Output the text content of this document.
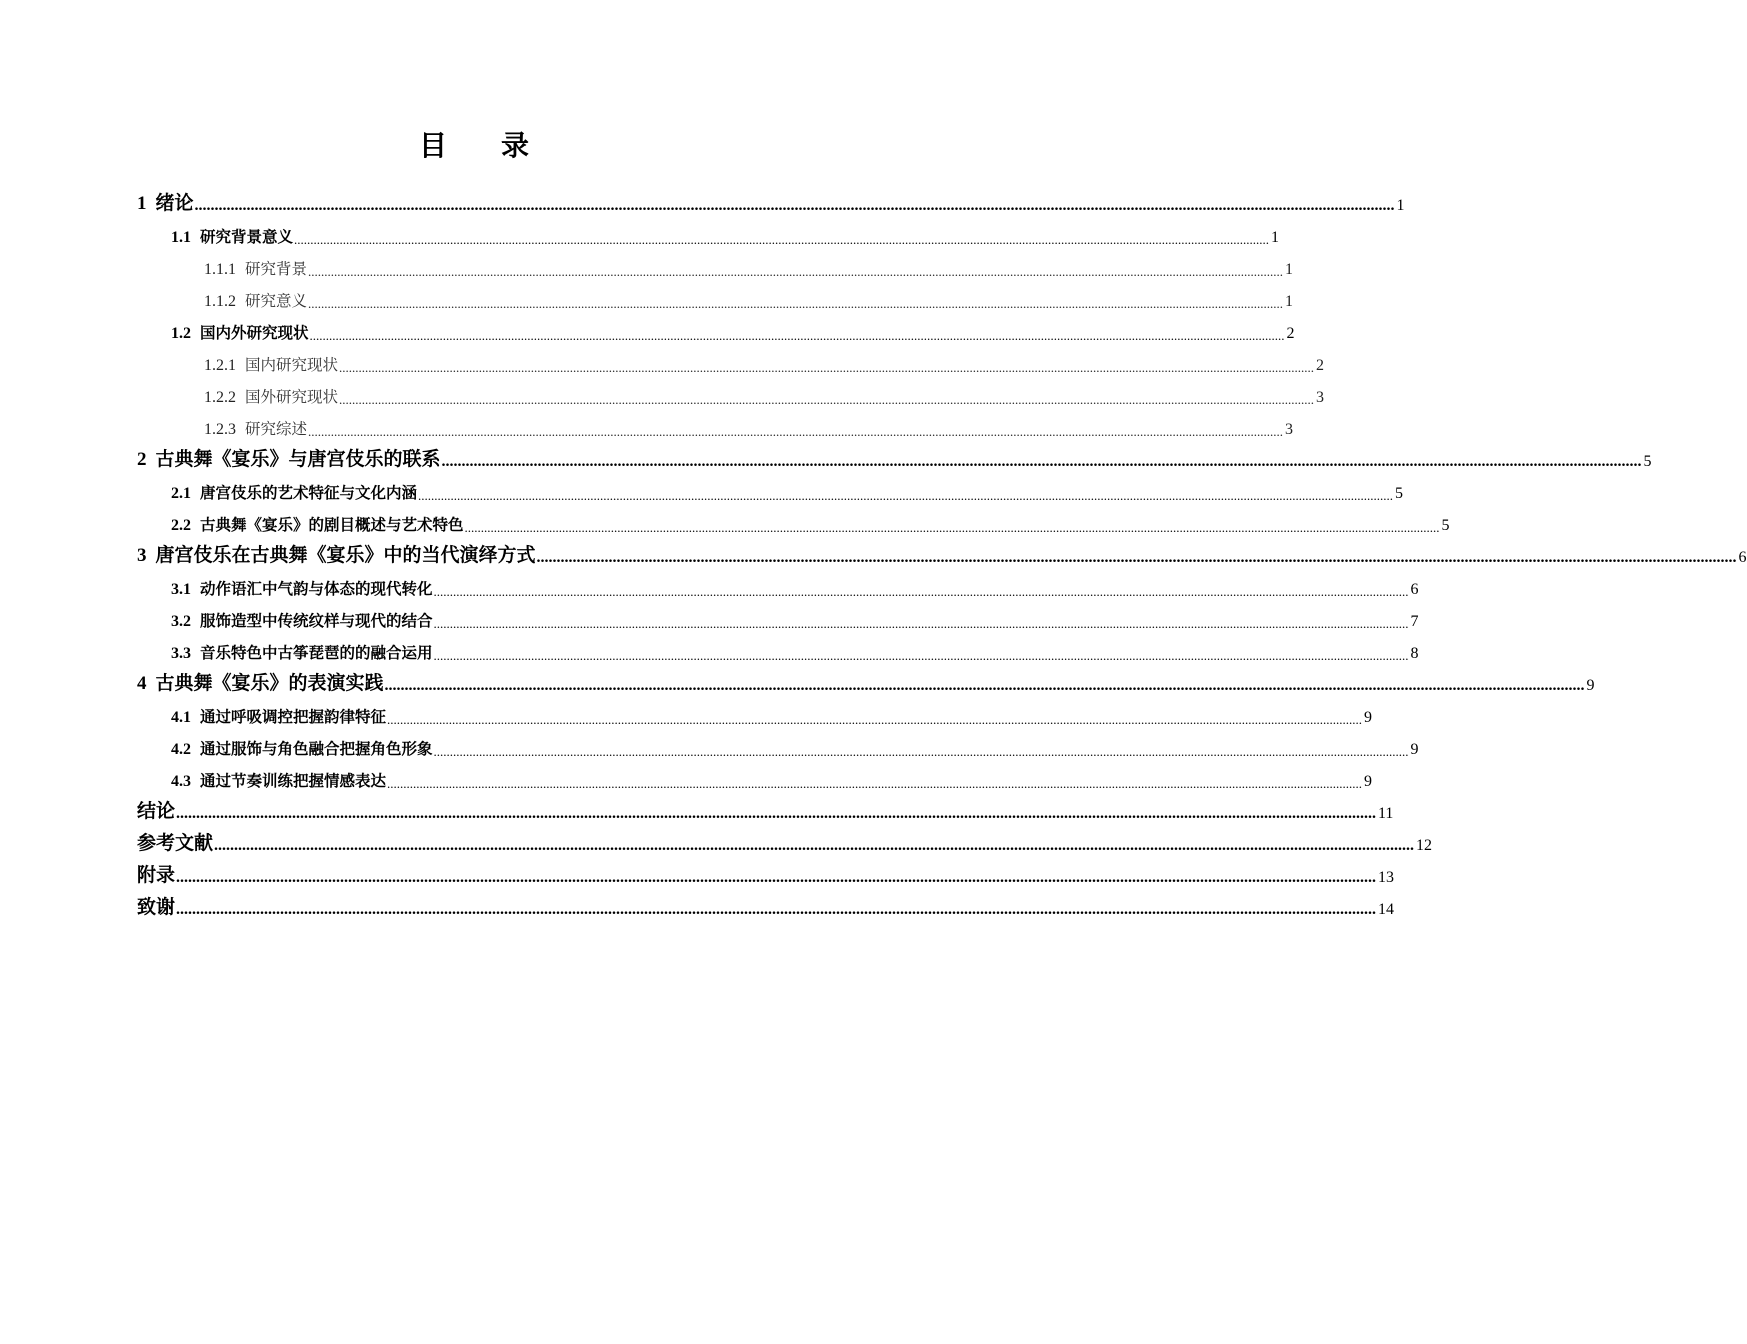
目 录
1 绪论 ............................................................................................................................................................................................................................................................................................................ 1
1.1 研究背景意义 ............................................................................................................................................................................................................................................................................................................ 1
1.1.1 研究背景 ............................................................................................................................................................................................................................................................................................................ 1
1.1.2 研究意义 ............................................................................................................................................................................................................................................................................................................ 1
1.2 国内外研究现状 ............................................................................................................................................................................................................................................................................................................ 2
1.2.1 国内研究现状 ............................................................................................................................................................................................................................................................................................................ 2
1.2.2 国外研究现状 ............................................................................................................................................................................................................................................................................................................ 3
1.2.3 研究综述 ............................................................................................................................................................................................................................................................................................................ 3
2 古典舞《宴乐》与唐宫伎乐的联系 ............................................................................................................................................................................................................................................................................................................ 5
2.1 唐宫伎乐的艺术特征与文化内涵 ............................................................................................................................................................................................................................................................................................................ 5
2.2 古典舞《宴乐》的剧目概述与艺术特色 ............................................................................................................................................................................................................................................................................................................ 5
3 唐宫伎乐在古典舞《宴乐》中的当代演绎方式 ............................................................................................................................................................................................................................................................................................................ 6
3.1 动作语汇中气韵与体态的现代转化 ............................................................................................................................................................................................................................................................................................................ 6
3.2 服饰造型中传统纹样与现代的结合 ............................................................................................................................................................................................................................................................................................................ 7
3.3 音乐特色中古筝琵琶的的融合运用 ............................................................................................................................................................................................................................................................................................................ 8
4 古典舞《宴乐》的表演实践 ............................................................................................................................................................................................................................................................................................................ 9
4.1 通过呼吸调控把握韵律特征 ............................................................................................................................................................................................................................................................................................................ 9
4.2 通过服饰与角色融合把握角色形象 ............................................................................................................................................................................................................................................................................................................ 9
4.3 通过节奏训练把握情感表达 ............................................................................................................................................................................................................................................................................................................ 9
结论 ............................................................................................................................................................................................................................................................................................................ 11
参考文献 ............................................................................................................................................................................................................................................................................................................ 12
附录 ............................................................................................................................................................................................................................................................................................................ 13
致谢 ............................................................................................................................................................................................................................................................................................................ 14
